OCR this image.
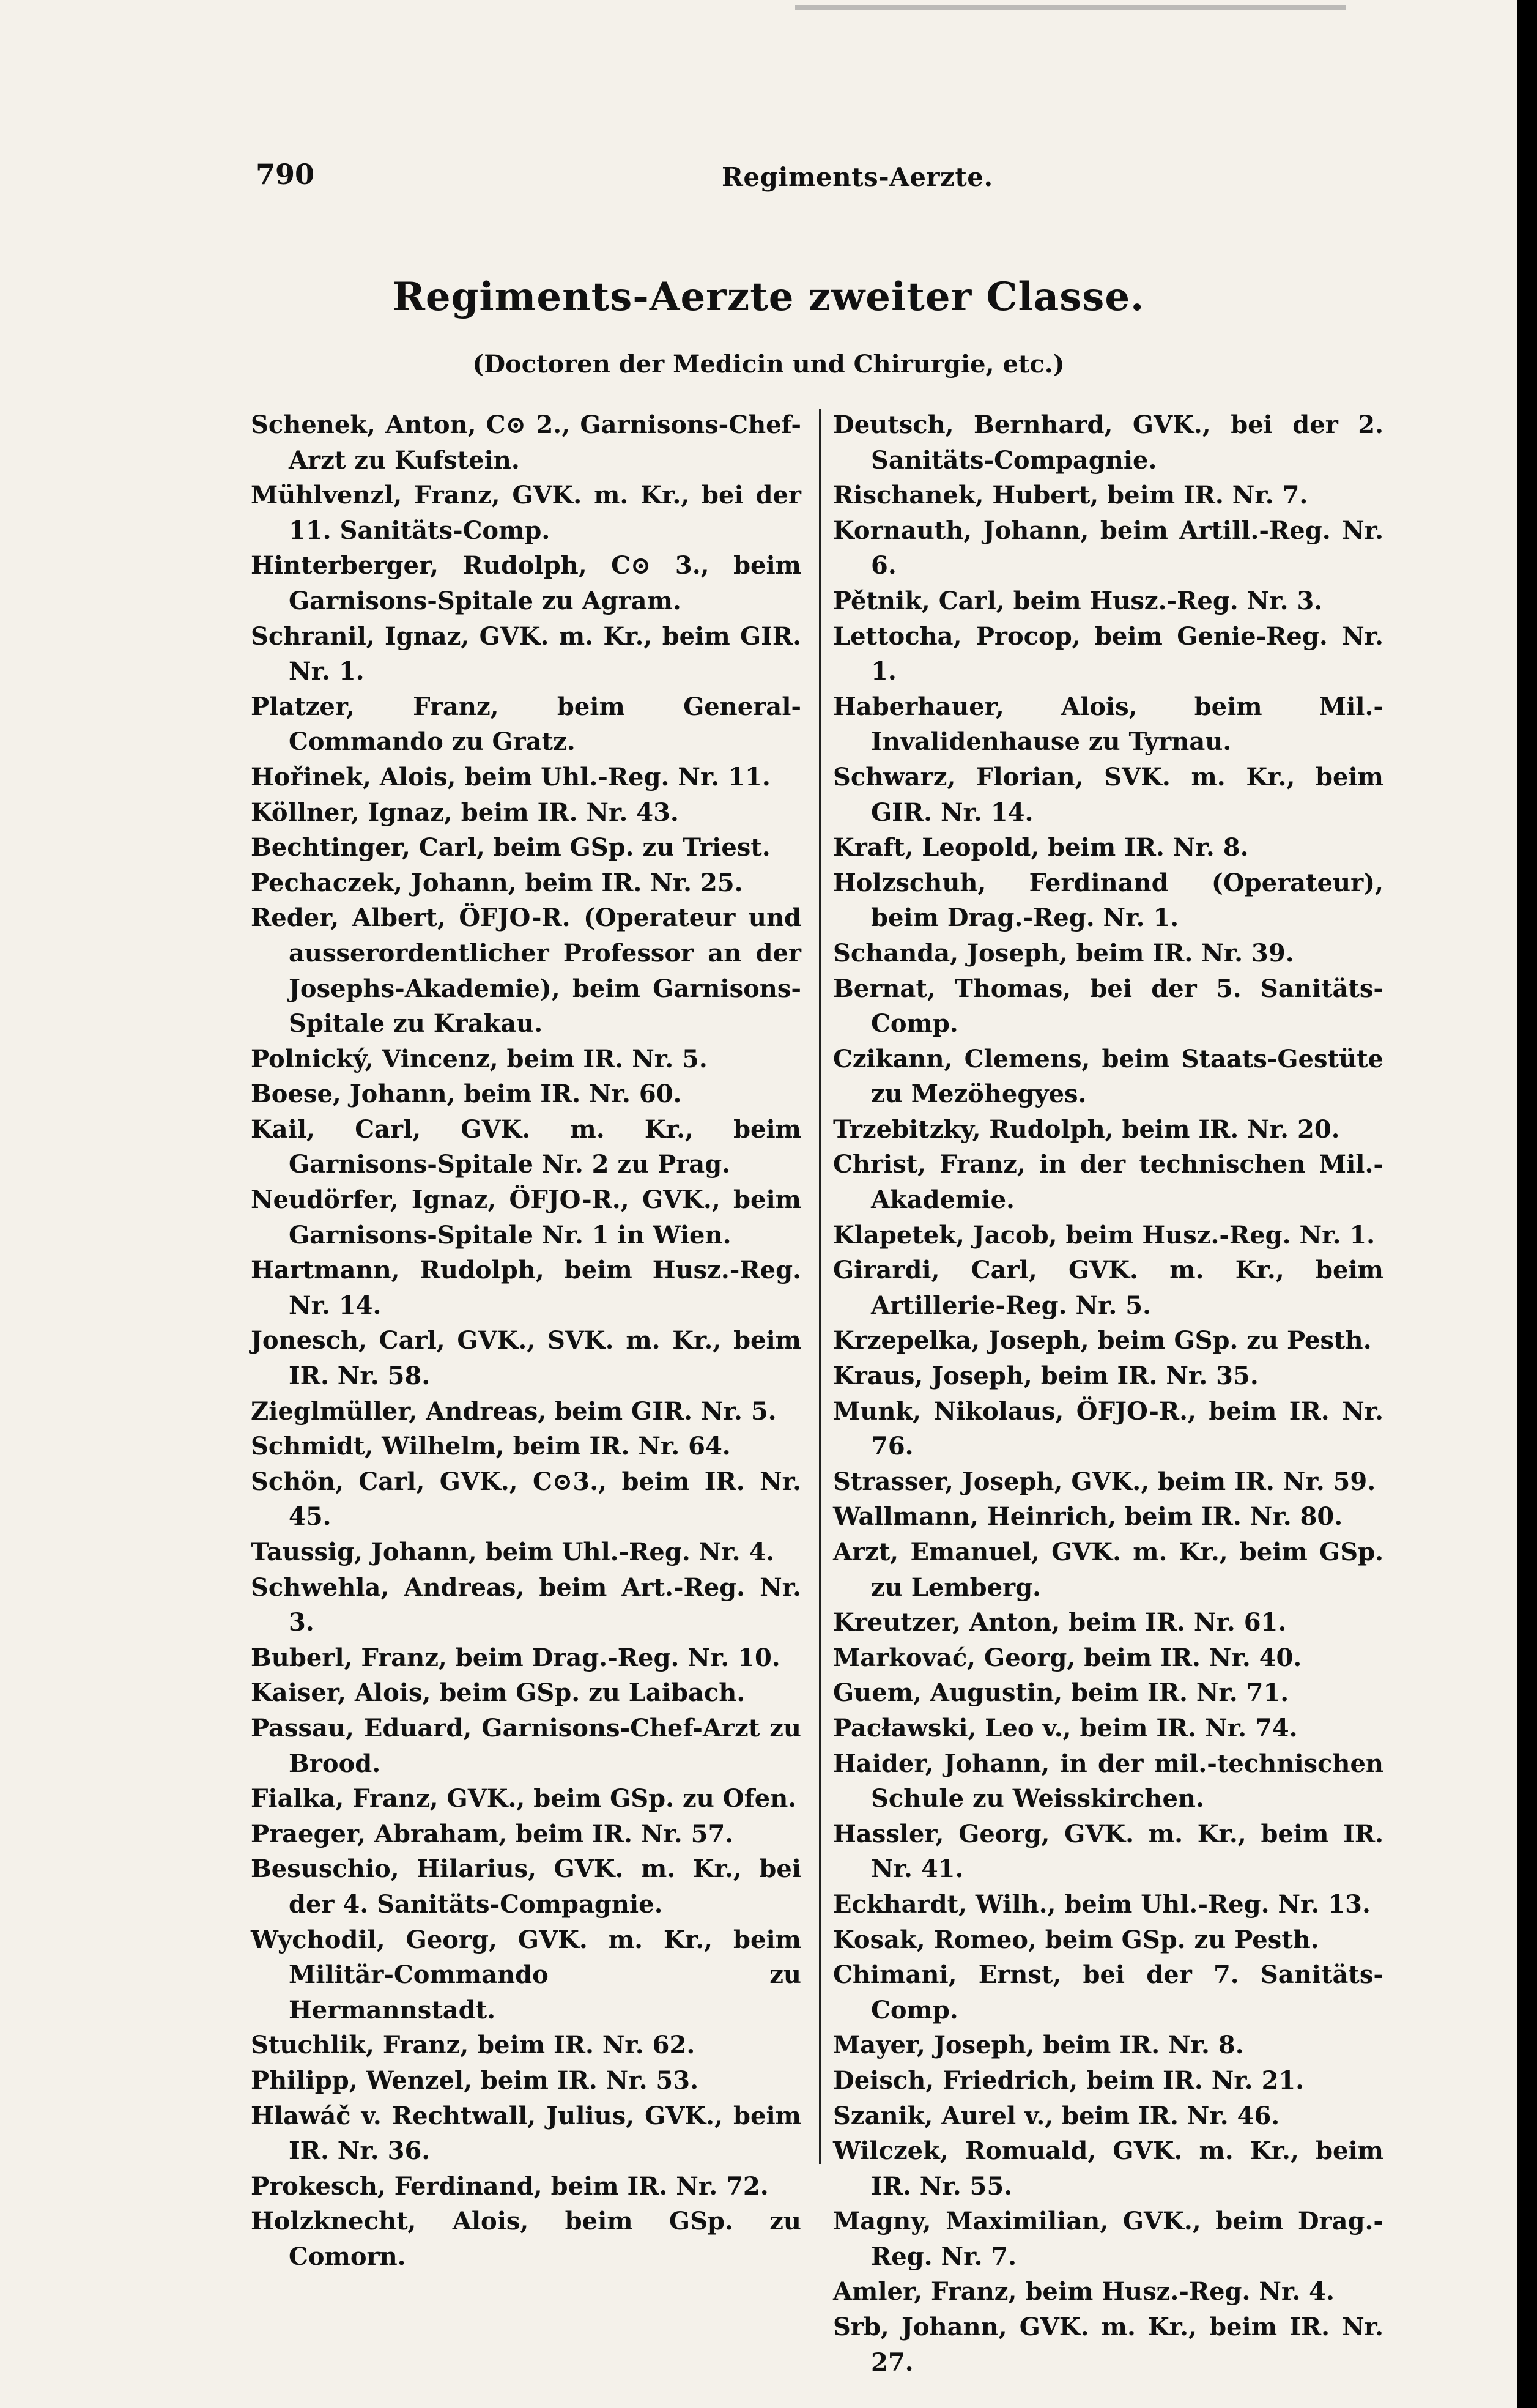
790	Regiments-Aerzte.
Regiments-Aerzte zweiter Classe.
(Doctoren der Medicin und Chirurgie, etc.)

Schenek, Anton, C⊙ 2., Garnisons-Chef-Arzt zu Kufstein.

Mühlvenzl, Franz, GVK. m. Kr., bei der 11. Sanitäts-Comp.

Hinterberger, Rudolph, C⊙ 3., beim Garnisons-Spitale zu Agram.

Schranil, Ignaz, GVK. m. Kr., beim GIR. Nr. 1.

Platzer, Franz, beim General-Commando zu Gratz.

Hořinek, Alois, beim Uhl.-Reg. Nr. 11.

Köllner, Ignaz, beim IR. Nr. 43.

Bechtinger, Carl, beim GSp. zu Triest.

Pechaczek, Johann, beim IR. Nr. 25.

Reder, Albert, ÖFJO-R. (Operateur und ausserordentlicher Professor an der Josephs-Akademie), beim Garnisons-Spitale zu Krakau.

Polnický, Vincenz, beim IR. Nr. 5.

Boese, Johann, beim IR. Nr. 60.

Kail, Carl, GVK. m. Kr., beim Garnisons-Spitale Nr. 2 zu Prag.

Neudörfer, Ignaz, ÖFJO-R., GVK., beim Garnisons-Spitale Nr. 1 in Wien.

Hartmann, Rudolph, beim Husz.-Reg. Nr. 14.

Jonesch, Carl, GVK., SVK. m. Kr., beim IR. Nr. 58.

Zieglmüller, Andreas, beim GIR. Nr. 5.

Schmidt, Wilhelm, beim IR. Nr. 64.

Schön, Carl, GVK., C⊙3., beim IR. Nr. 45.

Taussig, Johann, beim Uhl.-Reg. Nr. 4.

Schwehla, Andreas, beim Art.-Reg. Nr. 3.

Buberl, Franz, beim Drag.-Reg. Nr. 10.

Kaiser, Alois, beim GSp. zu Laibach.

Passau, Eduard, Garnisons-Chef-Arzt zu Brood.

Fialka, Franz, GVK., beim GSp. zu Ofen.

Praeger, Abraham, beim IR. Nr. 57.

Besuschio, Hilarius, GVK. m. Kr., bei der 4. Sanitäts-Compagnie.

Wychodil, Georg, GVK. m. Kr., beim Militär-Commando zu Hermannstadt.

Stuchlik, Franz, beim IR. Nr. 62.

Philipp, Wenzel, beim IR. Nr. 53.

Hlawáč v. Rechtwall, Julius, GVK., beim IR. Nr. 36.

Prokesch, Ferdinand, beim IR. Nr. 72.

Holzknecht, Alois, beim GSp. zu Comorn.

Deutsch, Bernhard, GVK., bei der 2. Sanitäts-Compagnie.

Rischanek, Hubert, beim IR. Nr. 7.

Kornauth, Johann, beim Artill.-Reg. Nr. 6.

Pětnik, Carl, beim Husz.-Reg. Nr. 3.

Lettocha, Procop, beim Genie-Reg. Nr. 1.

Haberhauer, Alois, beim Mil.-Invalidenhause zu Tyrnau.

Schwarz, Florian, SVK. m. Kr., beim GIR. Nr. 14.

Kraft, Leopold, beim IR. Nr. 8.

Holzschuh, Ferdinand (Operateur), beim Drag.-Reg. Nr. 1.

Schanda, Joseph, beim IR. Nr. 39.

Bernat, Thomas, bei der 5. Sanitäts-Comp.

Czikann, Clemens, beim Staats-Gestüte zu Mezöhegyes.

Trzebitzky, Rudolph, beim IR. Nr. 20.

Christ, Franz, in der technischen Mil.-Akademie.

Klapetek, Jacob, beim Husz.-Reg. Nr. 1.

Girardi, Carl, GVK. m. Kr., beim Artillerie-Reg. Nr. 5.

Krzepelka, Joseph, beim GSp. zu Pesth.

Kraus, Joseph, beim IR. Nr. 35.

Munk, Nikolaus, ÖFJO-R., beim IR. Nr. 76.

Strasser, Joseph, GVK., beim IR. Nr. 59.

Wallmann, Heinrich, beim IR. Nr. 80.

Arzt, Emanuel, GVK. m. Kr., beim GSp. zu Lemberg.

Kreutzer, Anton, beim IR. Nr. 61.

Markovać, Georg, beim IR. Nr. 40.

Guem, Augustin, beim IR. Nr. 71.

Pacławski, Leo v., beim IR. Nr. 74.

Haider, Johann, in der mil.-technischen Schule zu Weisskirchen.

Hassler, Georg, GVK. m. Kr., beim IR. Nr. 41.

Eckhardt, Wilh., beim Uhl.-Reg. Nr. 13.

Kosak, Romeo, beim GSp. zu Pesth.

Chimani, Ernst, bei der 7. Sanitäts-Comp.

Mayer, Joseph, beim IR. Nr. 8.

Deisch, Friedrich, beim IR. Nr. 21.

Szanik, Aurel v., beim IR. Nr. 46.

Wilczek, Romuald, GVK. m. Kr., beim IR. Nr. 55.

Magny, Maximilian, GVK., beim Drag.-Reg. Nr. 7.

Amler, Franz, beim Husz.-Reg. Nr. 4.

Srb, Johann, GVK. m. Kr., beim IR. Nr. 27.
